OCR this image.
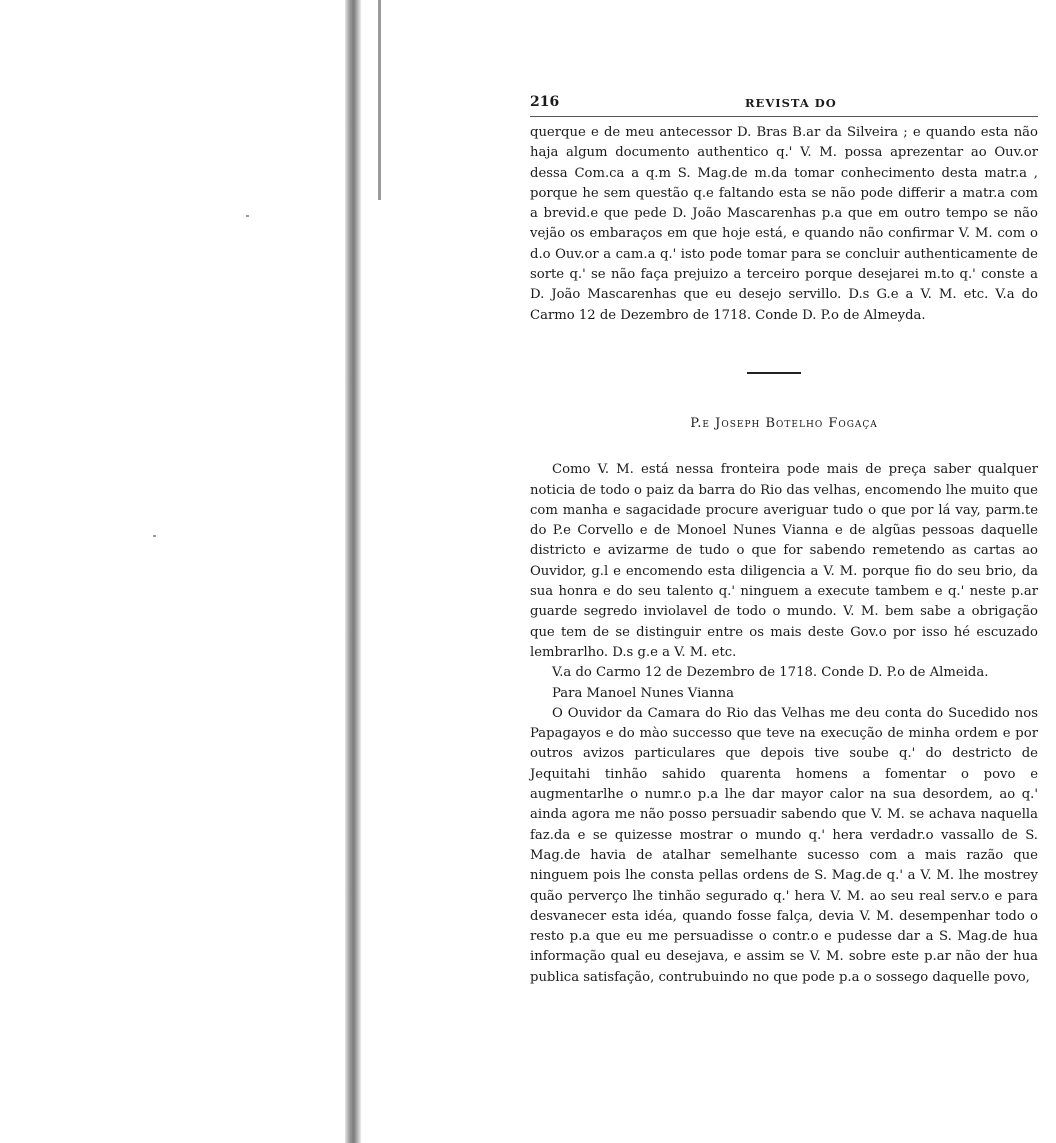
216	REVISTA DO

querque e de meu antecessor D. Bras B.ar da Silveira ; e quando esta não haja algum documento authentico q.' V. M. possa aprezentar ao Ouv.or dessa Com.ca a q.m S. Mag.de m.da tomar conhecimento desta matr.a , porque he sem questão q.e faltando esta se não pode differir a matr.a com a brevid.e que pede D. João Mascarenhas p.a que em outro tempo se não vejão os embaraços em que hoje está, e quando não confirmar V. M. com o d.o Ouv.or a cam.a q.' isto pode tomar para se concluir authenticamente de sorte q.' se não faça prejuizo a terceiro porque desejarei m.to q.' conste a D. João Mascarenhas que eu desejo servillo. D.s G.e a V. M. etc. V.a do Carmo 12 de Dezembro de 1718. Conde D. P.o de Almeyda.

P.e Joseph Botelho Fogaça

Como V. M. está nessa fronteira pode mais de preça saber qualquer noticia de todo o paiz da barra do Rio das velhas, encomendo lhe muito que com manha e sagacidade procure averiguar tudo o que por lá vay, parm.te do P.e Corvello e de Monoel Nunes Vianna e de algũas pessoas daquelle districto e avizarme de tudo o que for sabendo remetendo as cartas ao Ouvidor, g.l e encomendo esta diligencia a V. M. porque fio do seu brio, da sua honra e do seu talento q.' ninguem a execute tambem e q.' neste p.ar guarde segredo inviolavel de todo o mundo. V. M. bem sabe a obrigação que tem de se distinguir entre os mais deste Gov.o por isso hé escuzado lembrarlho. D.s g.e a V. M. etc.

V.a do Carmo 12 de Dezembro de 1718. Conde D. P.o de Almeida.

Para Manoel Nunes Vianna

O Ouvidor da Camara do Rio das Velhas me deu conta do Sucedido nos Papagayos e do mào successo que teve na execução de minha ordem e por outros avizos particulares que depois tive soube q.' do destricto de Jequitahi tinhão sahido quarenta homens a fomentar o povo e augmentarlhe o numr.o p.a lhe dar mayor calor na sua desordem, ao q.' ainda agora me não posso persuadir sabendo que V. M. se achava naquella faz.da e se quizesse mostrar o mundo q.' hera verdadr.o vassallo de S. Mag.de havia de atalhar semelhante sucesso com a mais razão que ninguem pois lhe consta pellas ordens de S. Mag.de q.' a V. M. lhe mostrey quão perverço lhe tinhão segurado q.' hera V. M. ao seu real serv.o e para desvanecer esta idéa, quando fosse falça, devia V. M. desempenhar todo o resto p.a que eu me persuadisse o contr.o e pudesse dar a S. Mag.de hua informação qual eu desejava, e assim se V. M. sobre este p.ar não der hua publica satisfação, contrubuindo no que pode p.a o sossego daquelle povo,
